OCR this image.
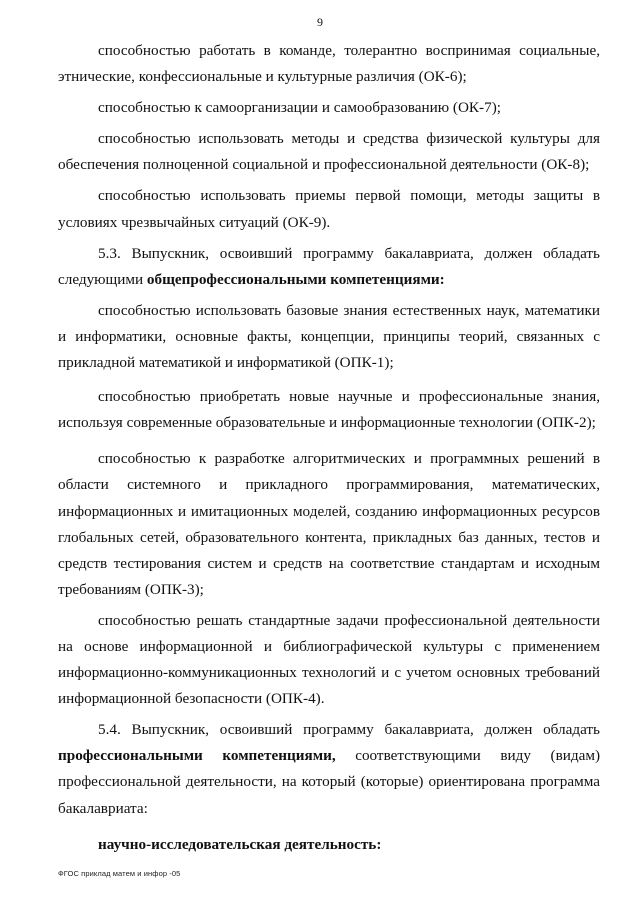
9

способностью работать в команде, толерантно воспринимая социальные, этнические, конфессиональные и культурные различия (ОК-6);

способностью к самоорганизации и самообразованию (ОК-7);

способностью использовать методы и средства физической культуры для обеспечения полноценной социальной и профессиональной деятельности (ОК-8);

способностью использовать приемы первой помощи, методы защиты в условиях чрезвычайных ситуаций (ОК-9).

5.3. Выпускник, освоивший программу бакалавриата, должен обладать следующими общепрофессиональными компетенциями:

способностью использовать базовые знания естественных наук, математики и информатики, основные факты, концепции, принципы теорий, связанных с прикладной математикой и информатикой (ОПК-1);

способностью приобретать новые научные и профессиональные знания, используя современные образовательные и информационные технологии (ОПК-2);

способностью к разработке алгоритмических и программных решений в области системного и прикладного программирования, математических, информационных и имитационных моделей, созданию информационных ресурсов глобальных сетей, образовательного контента, прикладных баз данных, тестов и средств тестирования систем и средств на соответствие стандартам и исходным требованиям (ОПК-3);

способностью решать стандартные задачи профессиональной деятельности на основе информационной и библиографической культуры с применением информационно-коммуникационных технологий и с учетом основных требований информационной безопасности (ОПК-4).

5.4. Выпускник, освоивший программу бакалавриата, должен обладать профессиональными компетенциями, соответствующими виду (видам) профессиональной деятельности, на который (которые) ориентирована программа бакалавриата:

научно-исследовательская деятельность:

ФГОС приклад матем и инфор -05
